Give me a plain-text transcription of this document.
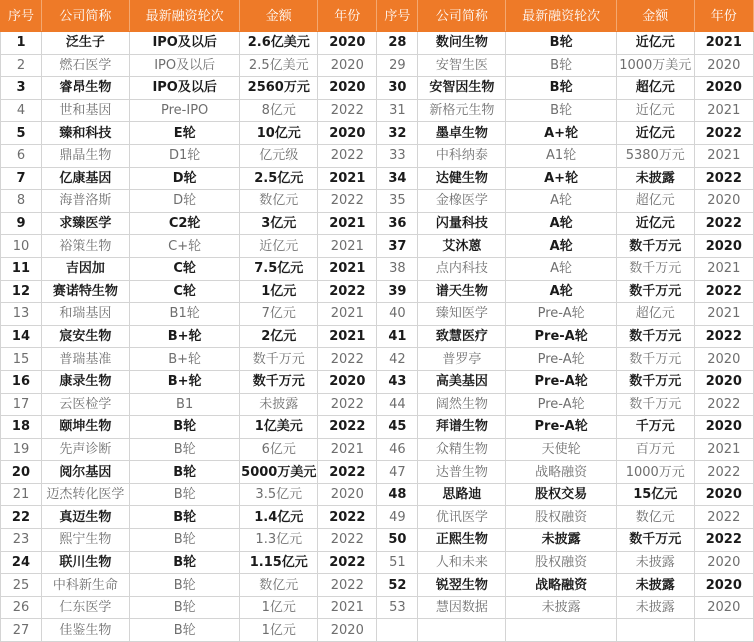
序号	公司简称	最新融资轮次	金额	年份	序号	公司简称	最新融资轮次	金额	年份
1	泛生子	IPO及以后	2.6亿美元	2020	28	数问生物	B轮	近亿元	2021
2	燃石医学	IPO及以后	2.5亿美元	2020	29	安智生医	B轮	1000万美元	2020
3	睿昂生物	IPO及以后	2560万元	2020	30	安智因生物	B轮	超亿元	2020
4	世和基因	Pre-IPO	8亿元	2022	31	新格元生物	B轮	近亿元	2021
5	臻和科技	E轮	10亿元	2020	32	墨卓生物	A+轮	近亿元	2022
6	鼎晶生物	D1轮	亿元级	2022	33	中科纳泰	A1轮	5380万元	2021
7	亿康基因	D轮	2.5亿元	2021	34	达健生物	A+轮	未披露	2022
8	海普洛斯	D轮	数亿元	2022	35	金橡医学	A轮	超亿元	2020
9	求臻医学	C2轮	3亿元	2021	36	闪量科技	A轮	近亿元	2022
10	裕策生物	C+轮	近亿元	2021	37	艾沐蒽	A轮	数千万元	2020
11	吉因加	C轮	7.5亿元	2021	38	点内科技	A轮	数千万元	2021
12	赛诺特生物	C轮	1亿元	2022	39	谱天生物	A轮	数千万元	2022
13	和瑞基因	B1轮	7亿元	2021	40	臻知医学	Pre-A轮	超亿元	2021
14	宸安生物	B+轮	2亿元	2021	41	致慧医疗	Pre-A轮	数千万元	2022
15	普瑞基准	B+轮	数千万元	2022	42	普罗亭	Pre-A轮	数千万元	2020
16	康录生物	B+轮	数千万元	2020	43	高美基因	Pre-A轮	数千万元	2020
17	云医检学	B1	未披露	2022	44	阔然生物	Pre-A轮	数千万元	2022
18	颐坤生物	B轮	1亿美元	2022	45	拜谱生物	Pre-A轮	千万元	2020
19	先声诊断	B轮	6亿元	2021	46	众精生物	天使轮	百万元	2021
20	阅尔基因	B轮	5000万美元	2022	47	达普生物	战略融资	1000万元	2022
21	迈杰转化医学	B轮	3.5亿元	2020	48	思路迪	股权交易	15亿元	2020
22	真迈生物	B轮	1.4亿元	2022	49	优讯医学	股权融资	数亿元	2022
23	熙宁生物	B轮	1.3亿元	2022	50	正熙生物	未披露	数千万元	2022
24	联川生物	B轮	1.15亿元	2022	51	人和未来	股权融资	未披露	2020
25	中科新生命	B轮	数亿元	2022	52	锐翌生物	战略融资	未披露	2020
26	仁东医学	B轮	1亿元	2021	53	慧因数据	未披露	未披露	2020
27	佳鉴生物	B轮	1亿元	2020					
